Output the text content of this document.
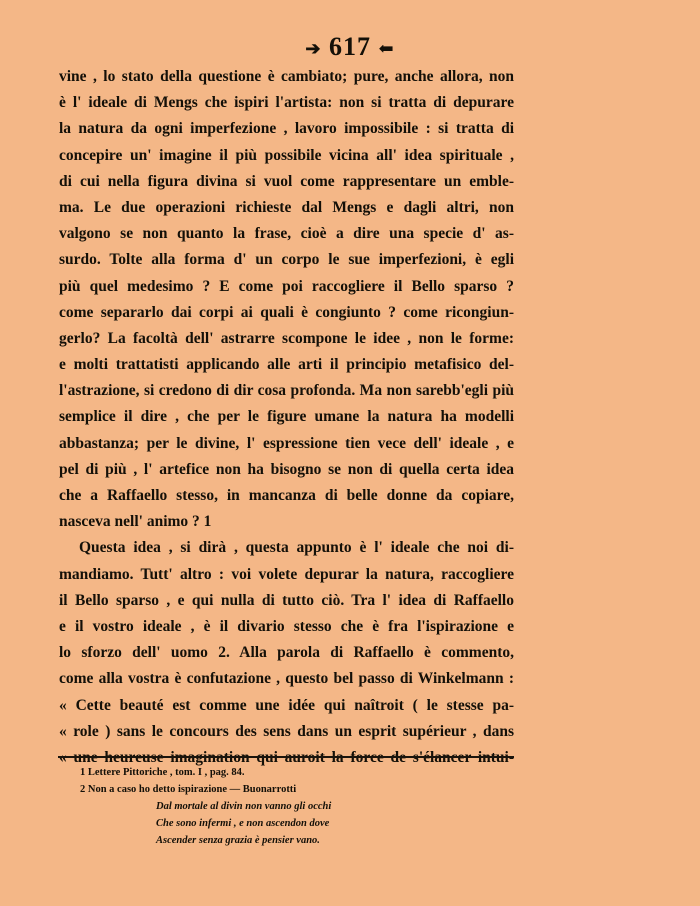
➔ 617 ⬅
vine , lo stato della questione è cambiato; pure, anche allora, non
è l' ideale di Mengs che ispiri l'artista: non si tratta di depurare
la natura da ogni imperfezione , lavoro impossibile : si tratta di
concepire un' imagine il più possibile vicina all' idea spirituale ,
di cui nella figura divina si vuol come rappresentare un emble-
ma. Le due operazioni richieste dal Mengs e dagli altri, non
valgono se non quanto la frase, cioè a dire una specie d' as-
surdo. Tolte alla forma d' un corpo le sue imperfezioni, è egli
più quel medesimo ? E come poi raccogliere il Bello sparso ?
come separarlo dai corpi ai quali è congiunto ? come ricongiun-
gerlo? La facoltà dell' astrarre scompone le idee , non le forme:
e molti trattatisti applicando alle arti il principio metafisico del-
l'astrazione, si credono di dir cosa profonda. Ma non sarebb'egli più
semplice il dire , che per le figure umane la natura ha modelli
abbastanza; per le divine, l' espressione tien vece dell' ideale , e
pel di più , l' artefice non ha bisogno se non di quella certa idea
che a Raffaello stesso, in mancanza di belle donne da copiare,
nasceva nell' animo ? 1
Questa idea , si dirà , questa appunto è l' ideale che noi di-
mandiamo. Tutt' altro : voi volete depurar la natura, raccogliere
il Bello sparso , e qui nulla di tutto ciò. Tra l' idea di Raffaello
e il vostro ideale , è il divario stesso che è fra l'ispirazione e
lo sforzo dell' uomo 2. Alla parola di Raffaello è commento,
come alla vostra è confutazione , questo bel passo di Winkelmann :
« Cette beauté est comme une idée qui naîtroit ( le stesse pa-
« role ) sans le concours des sens dans un esprit supérieur , dans
1 Lettere Pittoriche , tom. I , pag. 84.
2 Non a caso ho detto ispirazione — Buonarrotti
Dal mortale al divin non vanno gli occhi
Che sono infermi , e non ascendon dove
Ascender senza grazia è pensier vano.
